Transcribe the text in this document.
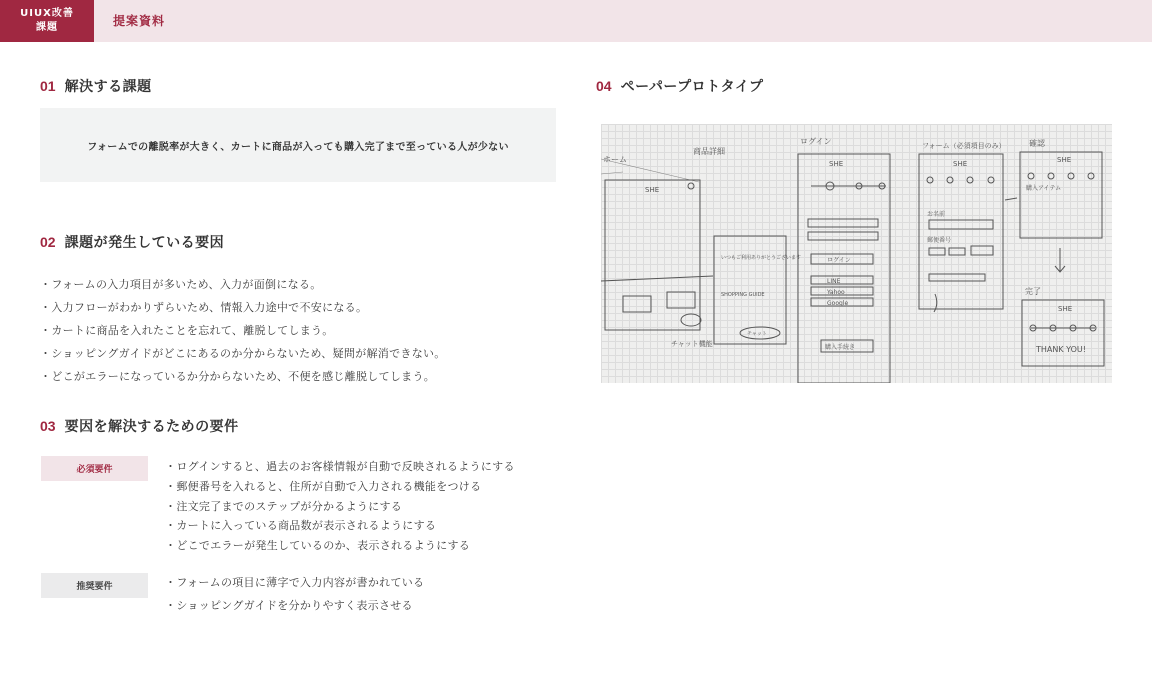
UIUX改善
課題	提案資料
01 解決する課題
フォームでの離脱率が大きく、カートに商品が入っても購入完了まで至っている人が少ない
02 課題が発生している要因
・ フォームの入力項目が多いため、入力が面倒になる。
・ 入力フローがわかりずらいため、情報入力途中で不安になる。
・ カートに商品を入れたことを忘れて、離脱してしまう。
・ ショッピングガイドがどこにあるのか分からないため、疑問が解消できない。
・ どこがエラーになっているか分からないため、不便を感じ離脱してしまう。
03 要因を解決するための要件
必須要件	・ ログインすると、過去のお客様情報が自動で反映されるようにする
・ 郵便番号を入れると、住所が自動で入力される機能をつける
・ 注文完了までのステップが分かるようにする
・ カートに入っている商品数が表示されるようにする
・ どこでエラーが発生しているのか、表示されるようにする
推奨要件	・ フォームの項目に薄字で入力内容が書かれている
・ ショッピングガイドを分かりやすく表示させる
04 ペーパープロトタイプ
ホーム
SHE
商品詳細
いつもご利用ありがとうございます
SHOPPING GUIDE
チャット
チャット機能
ログイン
SHE
ログイン
LINE
Yahoo
Google
購入手続き
フォーム（必須項目のみ）
SHE
お名前
郵便番号
確認
SHE
購入アイテム
完了
SHE
THANK YOU!
